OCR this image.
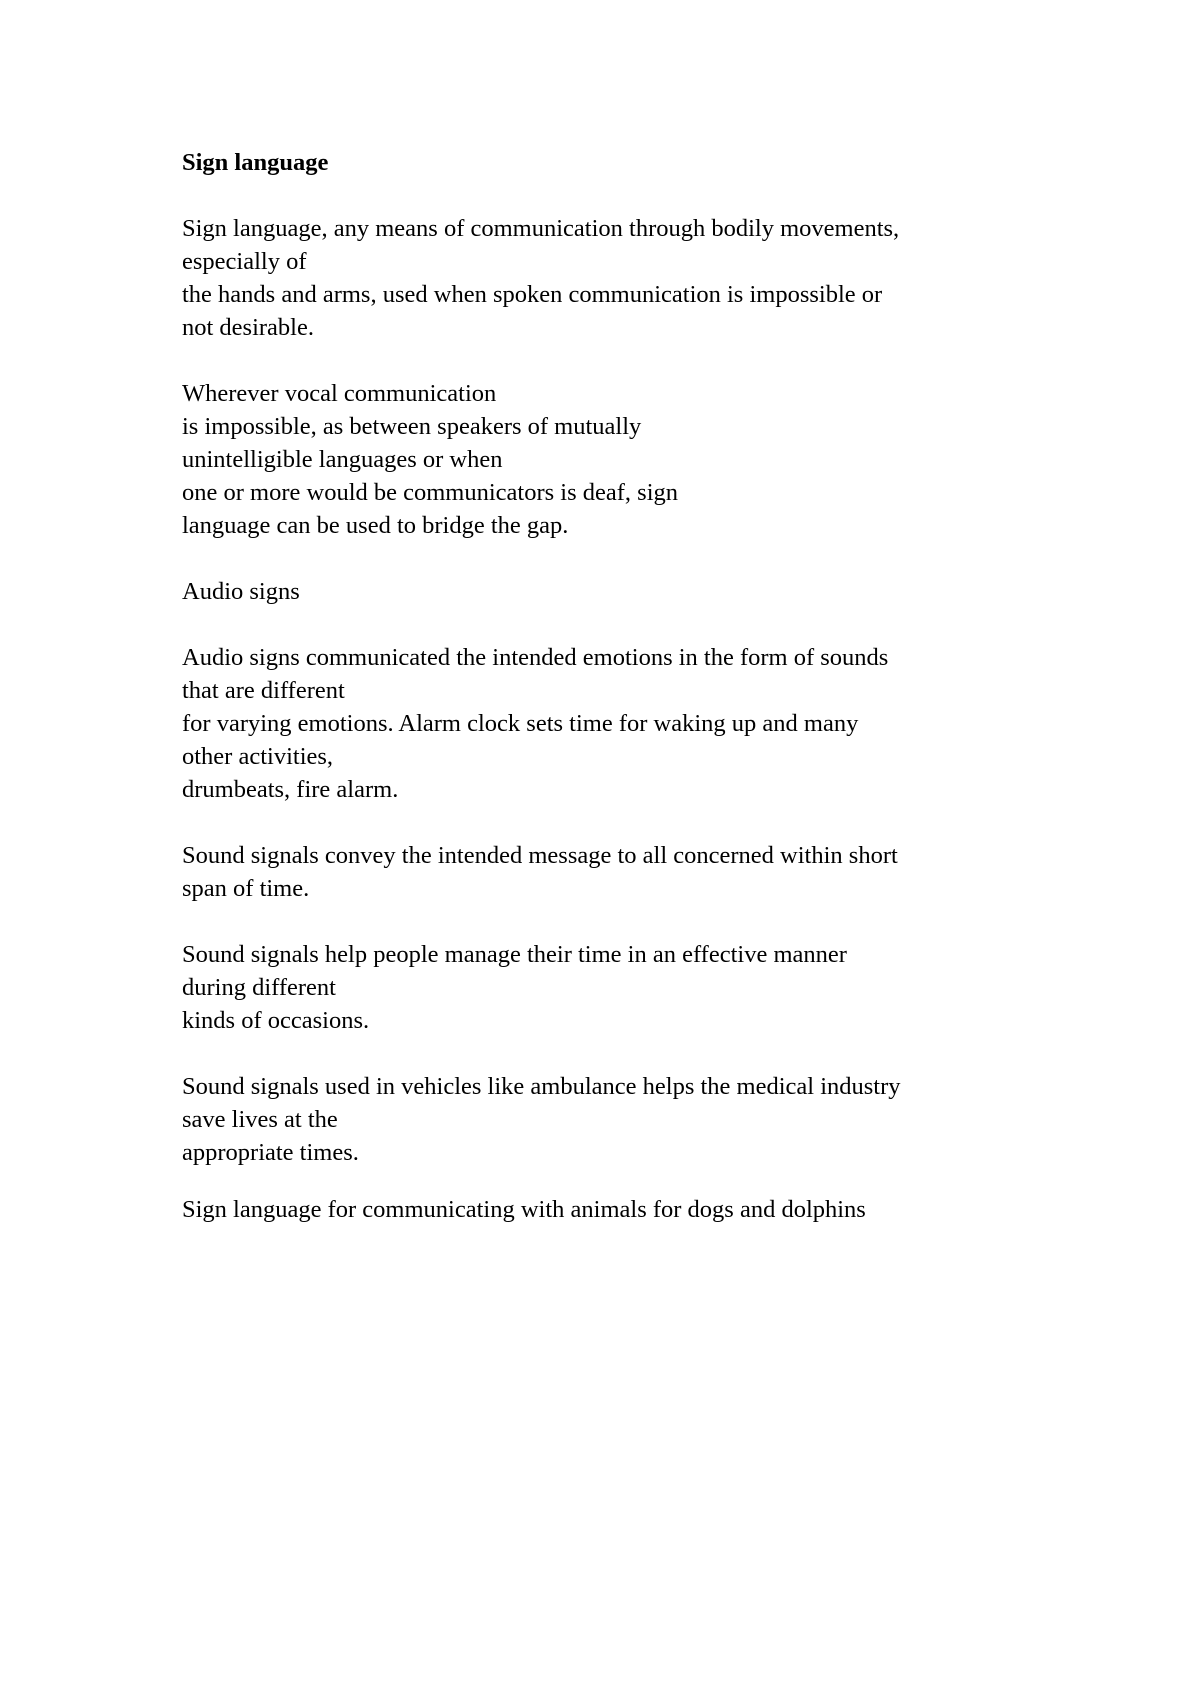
Sign language
Sign language, any means of communication through bodily movements,
especially of
the hands and arms, used when spoken communication is impossible or
not desirable.
Wherever vocal communication
is impossible, as between speakers of mutually
unintelligible languages or when
one or more would be communicators is deaf, sign
language can be used to bridge the gap.
Audio signs
Audio signs communicated the intended emotions in the form of sounds
that are different
for varying emotions. Alarm clock sets time for waking up and many
other activities,
drumbeats, fire alarm.
Sound signals convey the intended message to all concerned within short
span of time.
Sound signals help people manage their time in an effective manner
during different
kinds of occasions.
Sound signals used in vehicles like ambulance helps the medical industry
save lives at the
appropriate times.
Sign language for communicating with animals for dogs and dolphins
